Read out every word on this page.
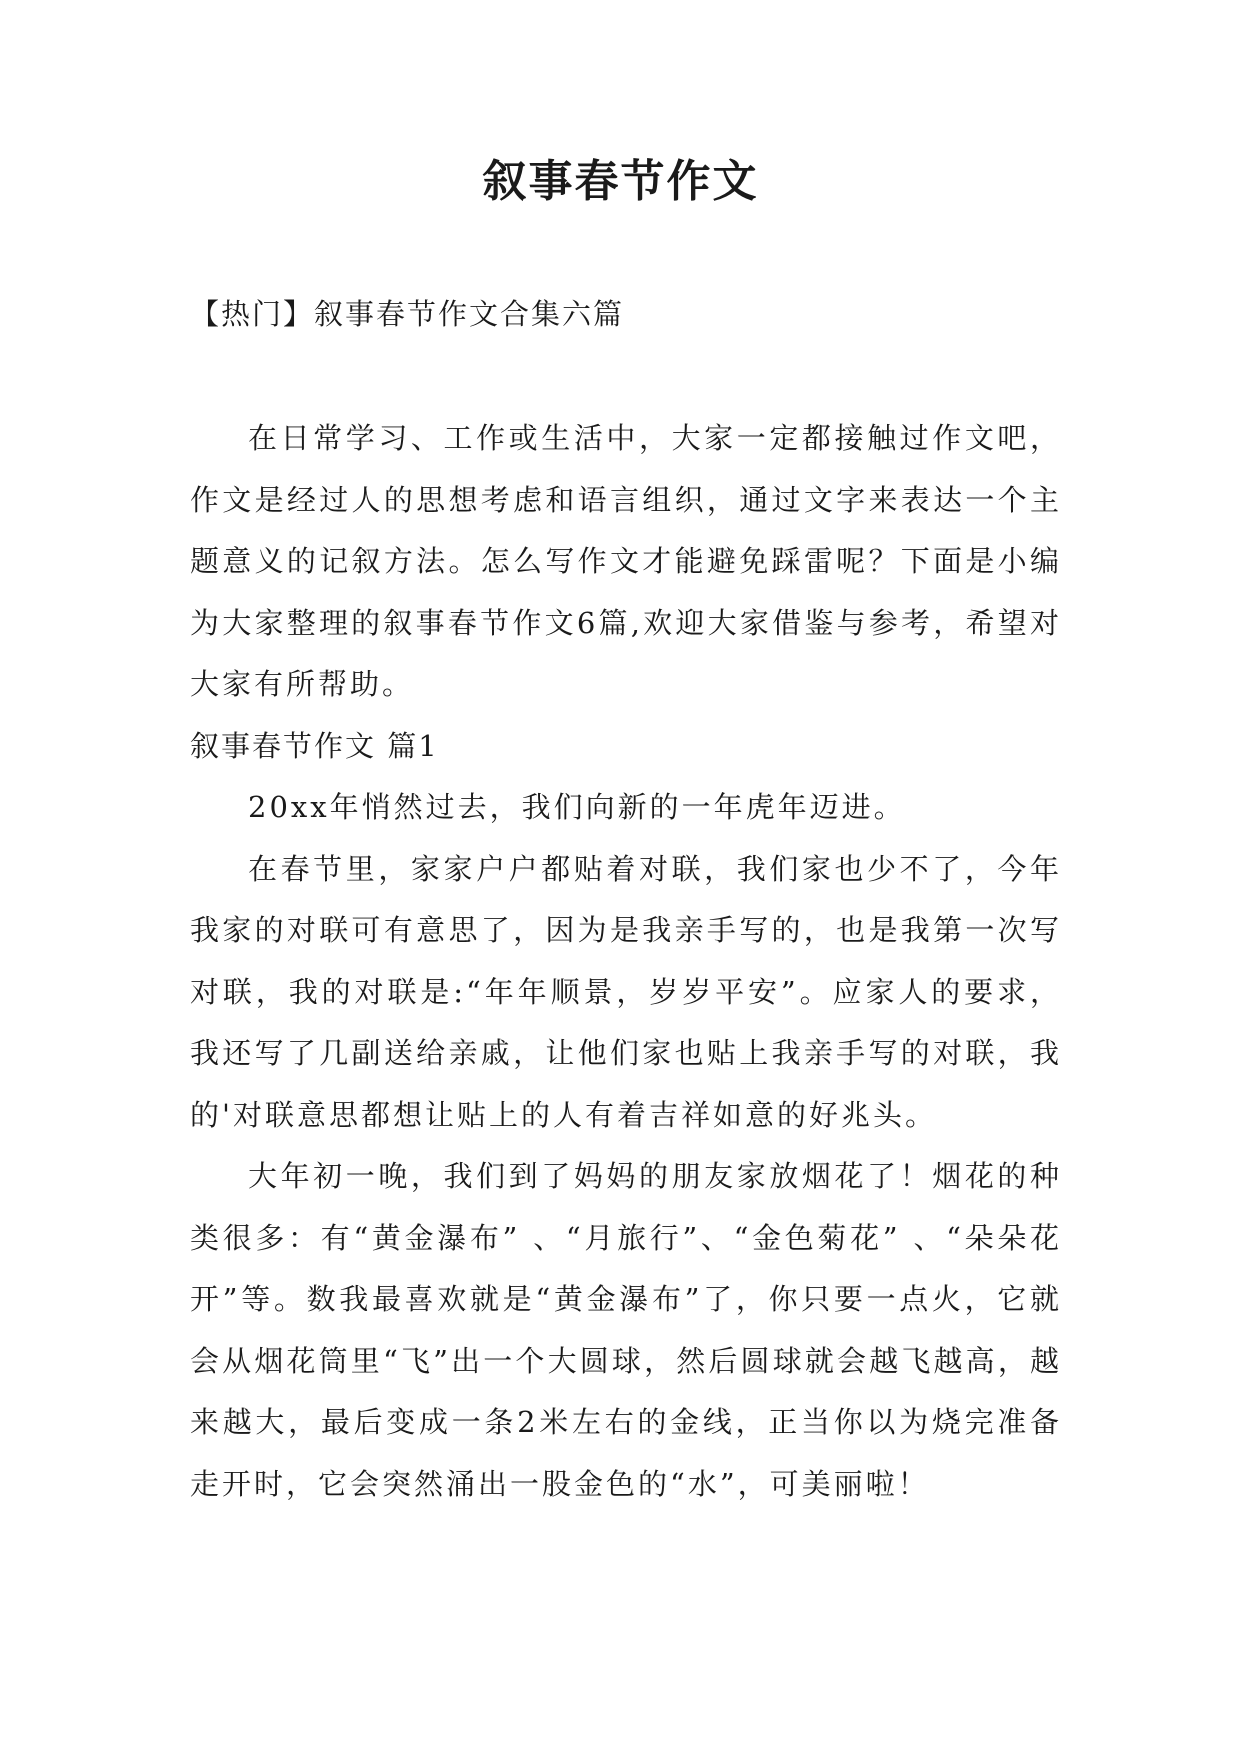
叙事春节作文
【热门】叙事春节作文合集六篇

在日常学习、工作或生活中，大家一定都接触过作文吧，作文是经过人的思想考虑和语言组织，通过文字来表达一个主题意义的记叙方法。怎么写作文才能避免踩雷呢？下面是小编为大家整理的叙事春节作文6篇,欢迎大家借鉴与参考，希望对大家有所帮助。

叙事春节作文 篇1

20xx年悄然过去，我们向新的一年虎年迈进。

在春节里，家家户户都贴着对联，我们家也少不了，今年我家的对联可有意思了，因为是我亲手写的，也是我第一次写对联，我的对联是:“年年顺景，岁岁平安”。应家人的要求，我还写了几副送给亲戚，让他们家也贴上我亲手写的对联，我的'对联意思都想让贴上的人有着吉祥如意的好兆头。

大年初一晚，我们到了妈妈的朋友家放烟花了！烟花的种类很多：有“黄金瀑布” 、“月旅行”、“金色菊花” 、“朵朵花开”等。数我最喜欢就是“黄金瀑布”了，你只要一点火，它就会从烟花筒里“飞”出一个大圆球，然后圆球就会越飞越高，越来越大，最后变成一条2米左右的金线，正当你以为烧完准备走开时，它会突然涌出一股金色的“水”，可美丽啦！
